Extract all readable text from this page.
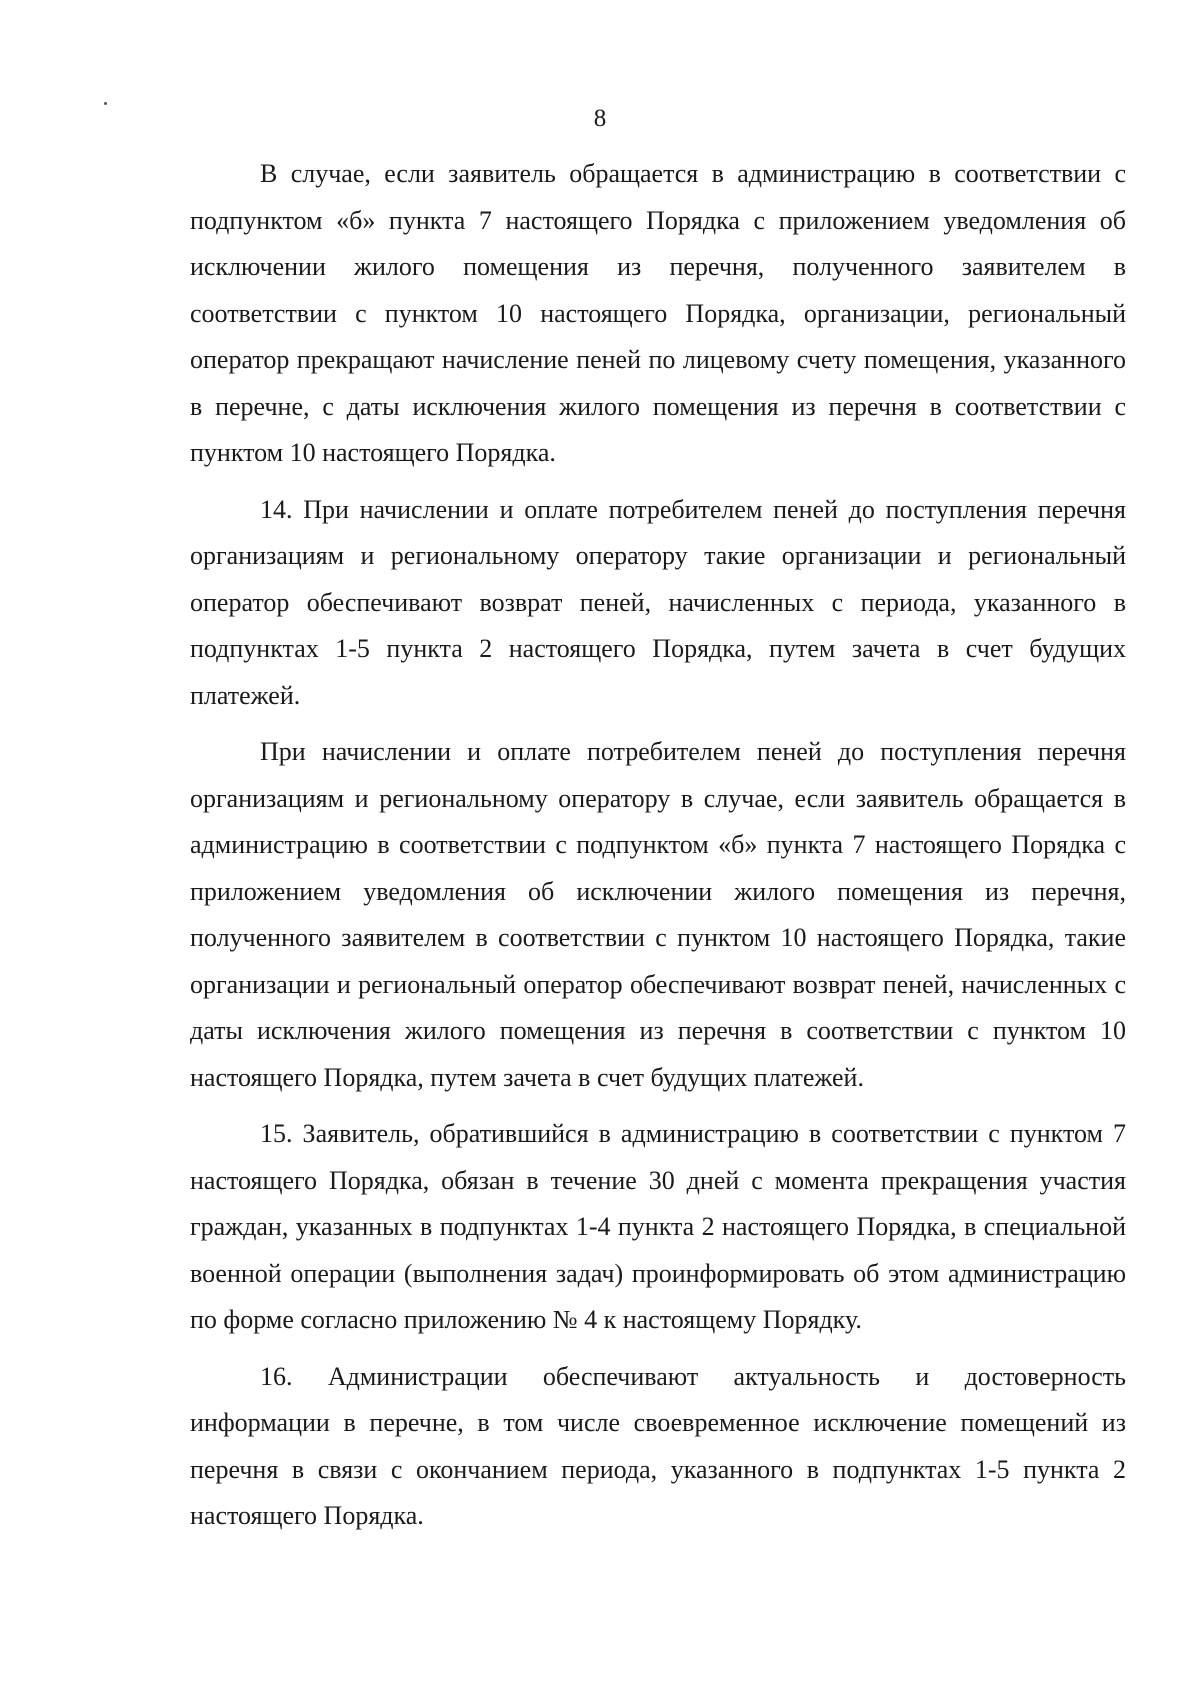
8

В случае, если заявитель обращается в администрацию в соответствии с подпунктом «б» пункта 7 настоящего Порядка с приложением уведомления об исключении жилого помещения из перечня, полученного заявителем в соответствии с пунктом 10 настоящего Порядка, организации, региональный оператор прекращают начисление пеней по лицевому счету помещения, указанного в перечне, с даты исключения жилого помещения из перечня в соответствии с пунктом 10 настоящего Порядка.

14. При начислении и оплате потребителем пеней до поступления перечня организациям и региональному оператору такие организации и региональный оператор обеспечивают возврат пеней, начисленных с периода, указанного в подпунктах 1-5 пункта 2 настоящего Порядка, путем зачета в счет будущих платежей.

При начислении и оплате потребителем пеней до поступления перечня организациям и региональному оператору в случае, если заявитель обращается в администрацию в соответствии с подпунктом «б» пункта 7 настоящего Порядка с приложением уведомления об исключении жилого помещения из перечня, полученного заявителем в соответствии с пунктом 10 настоящего Порядка, такие организации и региональный оператор обеспечивают возврат пеней, начисленных с даты исключения жилого помещения из перечня в соответствии с пунктом 10 настоящего Порядка, путем зачета в счет будущих платежей.

15. Заявитель, обратившийся в администрацию в соответствии с пунктом 7 настоящего Порядка, обязан в течение 30 дней с момента прекращения участия граждан, указанных в подпунктах 1-4 пункта 2 настоящего Порядка, в специальной военной операции (выполнения задач) проинформировать об этом администрацию по форме согласно приложению № 4 к настоящему Порядку.

16. Администрации обеспечивают актуальность и достоверность информации в перечне, в том числе своевременное исключение помещений из перечня в связи с окончанием периода, указанного в подпунктах 1-5 пункта 2 настоящего Порядка.
